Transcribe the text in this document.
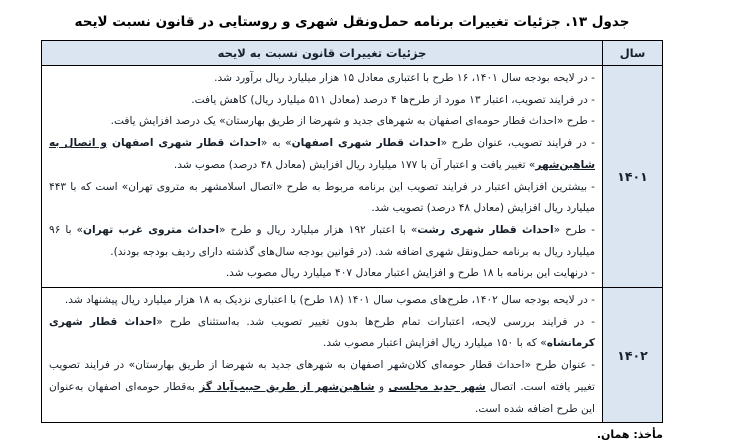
جدول ۱۳. جزئیات تغییرات برنامه حمل‌ونقل شهری و روستایی در قانون نسبت لایحه
سال	جزئیات تغییرات قانون نسبت به لایحه
۱۴۰۱	
- در لایحه بودجه سال ۱۴۰۱، ۱۶ طرح با اعتباری معادل ۱۵ هزار میلیارد ریال برآورد شد.
- در فرایند تصویب، اعتبار ۱۳ مورد از طرح‌ها ۴ درصد (معادل ۵۱۱ میلیارد ریال) کاهش یافت.
- طرح «احداث قطار حومه‌ای اصفهان به شهرهای جدید و شهرضا از طریق بهارستان» یک درصد افزایش یافت.
- در فرایند تصویب، عنوان طرح «احداث قطار شهری اصفهان» به «احداث قطار شهری اصفهان و اتصال به شاهین‌شهر» تغییر یافت و اعتبار آن با ۱۷۷ میلیارد ریال افزایش (معادل ۴۸ درصد) مصوب شد.
- بیشترین افزایش اعتبار در فرایند تصویب این برنامه مربوط به طرح «اتصال اسلامشهر به متروی تهران» است که با ۴۴۳ میلیارد ریال افزایش (معادل ۴۸ درصد) تصویب شد.
- طرح «احداث قطار شهری رشت» با اعتبار ۱۹۲ هزار میلیارد ریال و طرح «احداث متروی غرب تهران» با ۹۶ میلیارد ریال به برنامه حمل‌ونقل شهری اضافه شد. (در قوانین بودجه سال‌های گذشته دارای ردیف بودجه بودند).
- درنهایت این برنامه با ۱۸ طرح و افزایش اعتبار معادل ۴۰۷ میلیارد ریال مصوب شد.

۱۴۰۲	- در لایحه بودجه سال ۱۴۰۲، طرح‌های مصوب سال ۱۴۰۱ (۱۸ طرح) با اعتباری نزدیک به ۱۸ هزار میلیارد ریال پیشنهاد شد.
- در فرایند بررسی لایحه، اعتبارات تمام طرح‌ها بدون تغییر تصویب شد. به‌استثنای طرح «احداث قطار شهری کرمانشاه» که با ۱۵۰ میلیارد ریال افزایش اعتبار مصوب شد.
- عنوان طرح «احداث قطار حومه‌ای کلان‌شهر اصفهان به شهرهای جدید به شهرضا از طریق بهارستان» در فرایند تصویب تغییر یافته است. اتصال شهر جدید مجلسی و شاهین‌شهر از طریق حبیب‌آباد گز به‌قطار حومه‌ای اصفهان به‌عنوان این طرح اضافه شده است.
مأخذ: همان.
